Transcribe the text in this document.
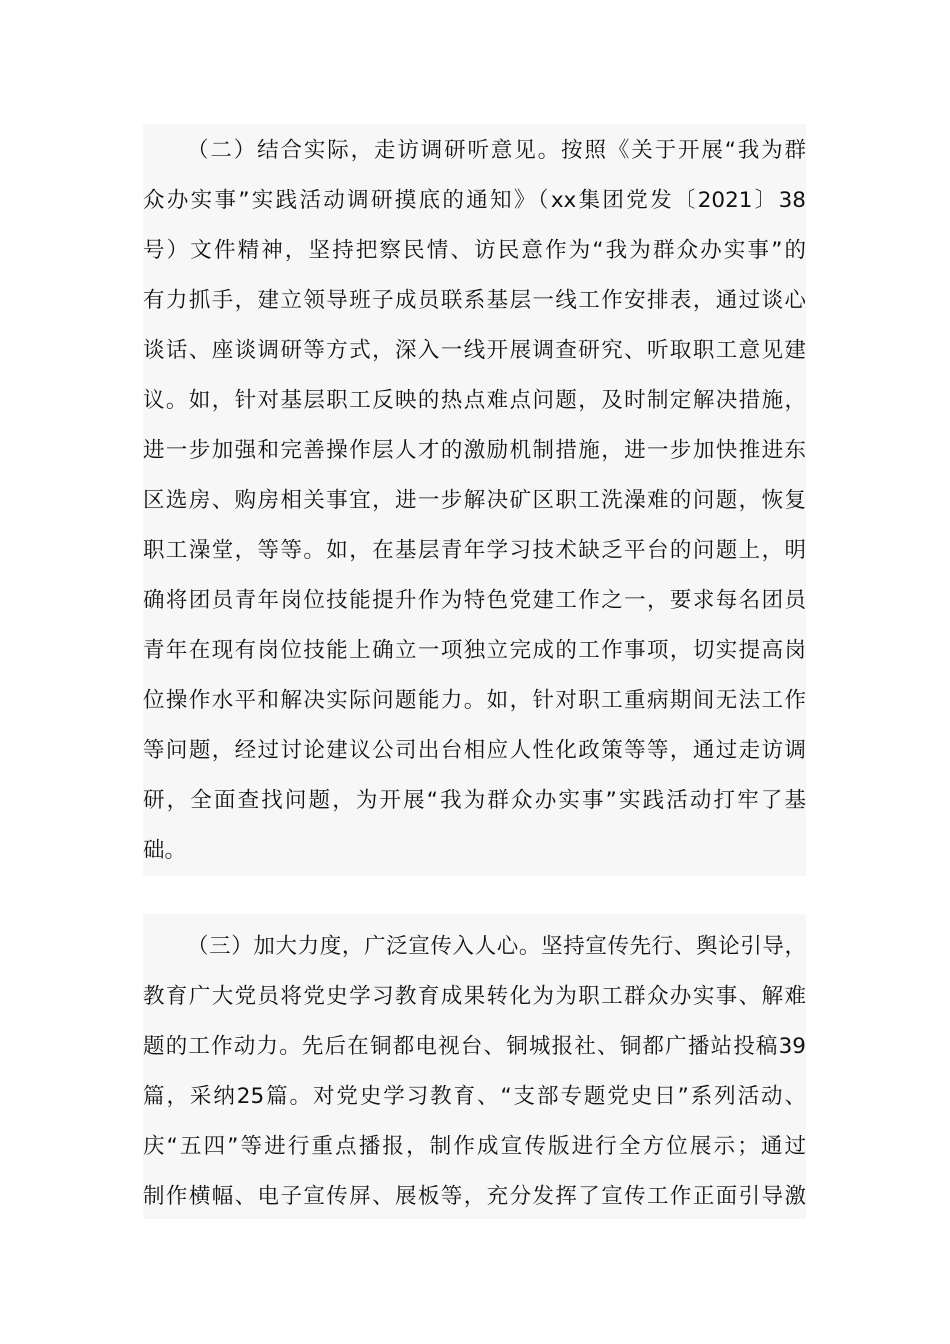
（二）结合实际，走访调研听意见。按照《关于开展“我为群
众办实事”实践活动调研摸底的通知》（xx集团党发〔2021〕38
号）文件精神，坚持把察民情、访民意作为“我为群众办实事”的
有力抓手，建立领导班子成员联系基层一线工作安排表，通过谈心
谈话、座谈调研等方式，深入一线开展调查研究、听取职工意见建
议。如，针对基层职工反映的热点难点问题，及时制定解决措施，
进一步加强和完善操作层人才的激励机制措施，进一步加快推进东
区选房、购房相关事宜，进一步解决矿区职工洗澡难的问题，恢复
职工澡堂，等等。如，在基层青年学习技术缺乏平台的问题上，明
确将团员青年岗位技能提升作为特色党建工作之一，要求每名团员
青年在现有岗位技能上确立一项独立完成的工作事项，切实提高岗
位操作水平和解决实际问题能力。如，针对职工重病期间无法工作
等问题，经过讨论建议公司出台相应人性化政策等等，通过走访调
研，全面查找问题，为开展“我为群众办实事”实践活动打牢了基
础。
（三）加大力度，广泛宣传入人心。坚持宣传先行、舆论引导，
教育广大党员将党史学习教育成果转化为为职工群众办实事、解难
题的工作动力。先后在铜都电视台、铜城报社、铜都广播站投稿39
篇，采纳25篇。对党史学习教育、“支部专题党史日”系列活动、
庆“五四”等进行重点播报，制作成宣传版进行全方位展示；通过
制作横幅、电子宣传屏、展板等，充分发挥了宣传工作正面引导激
